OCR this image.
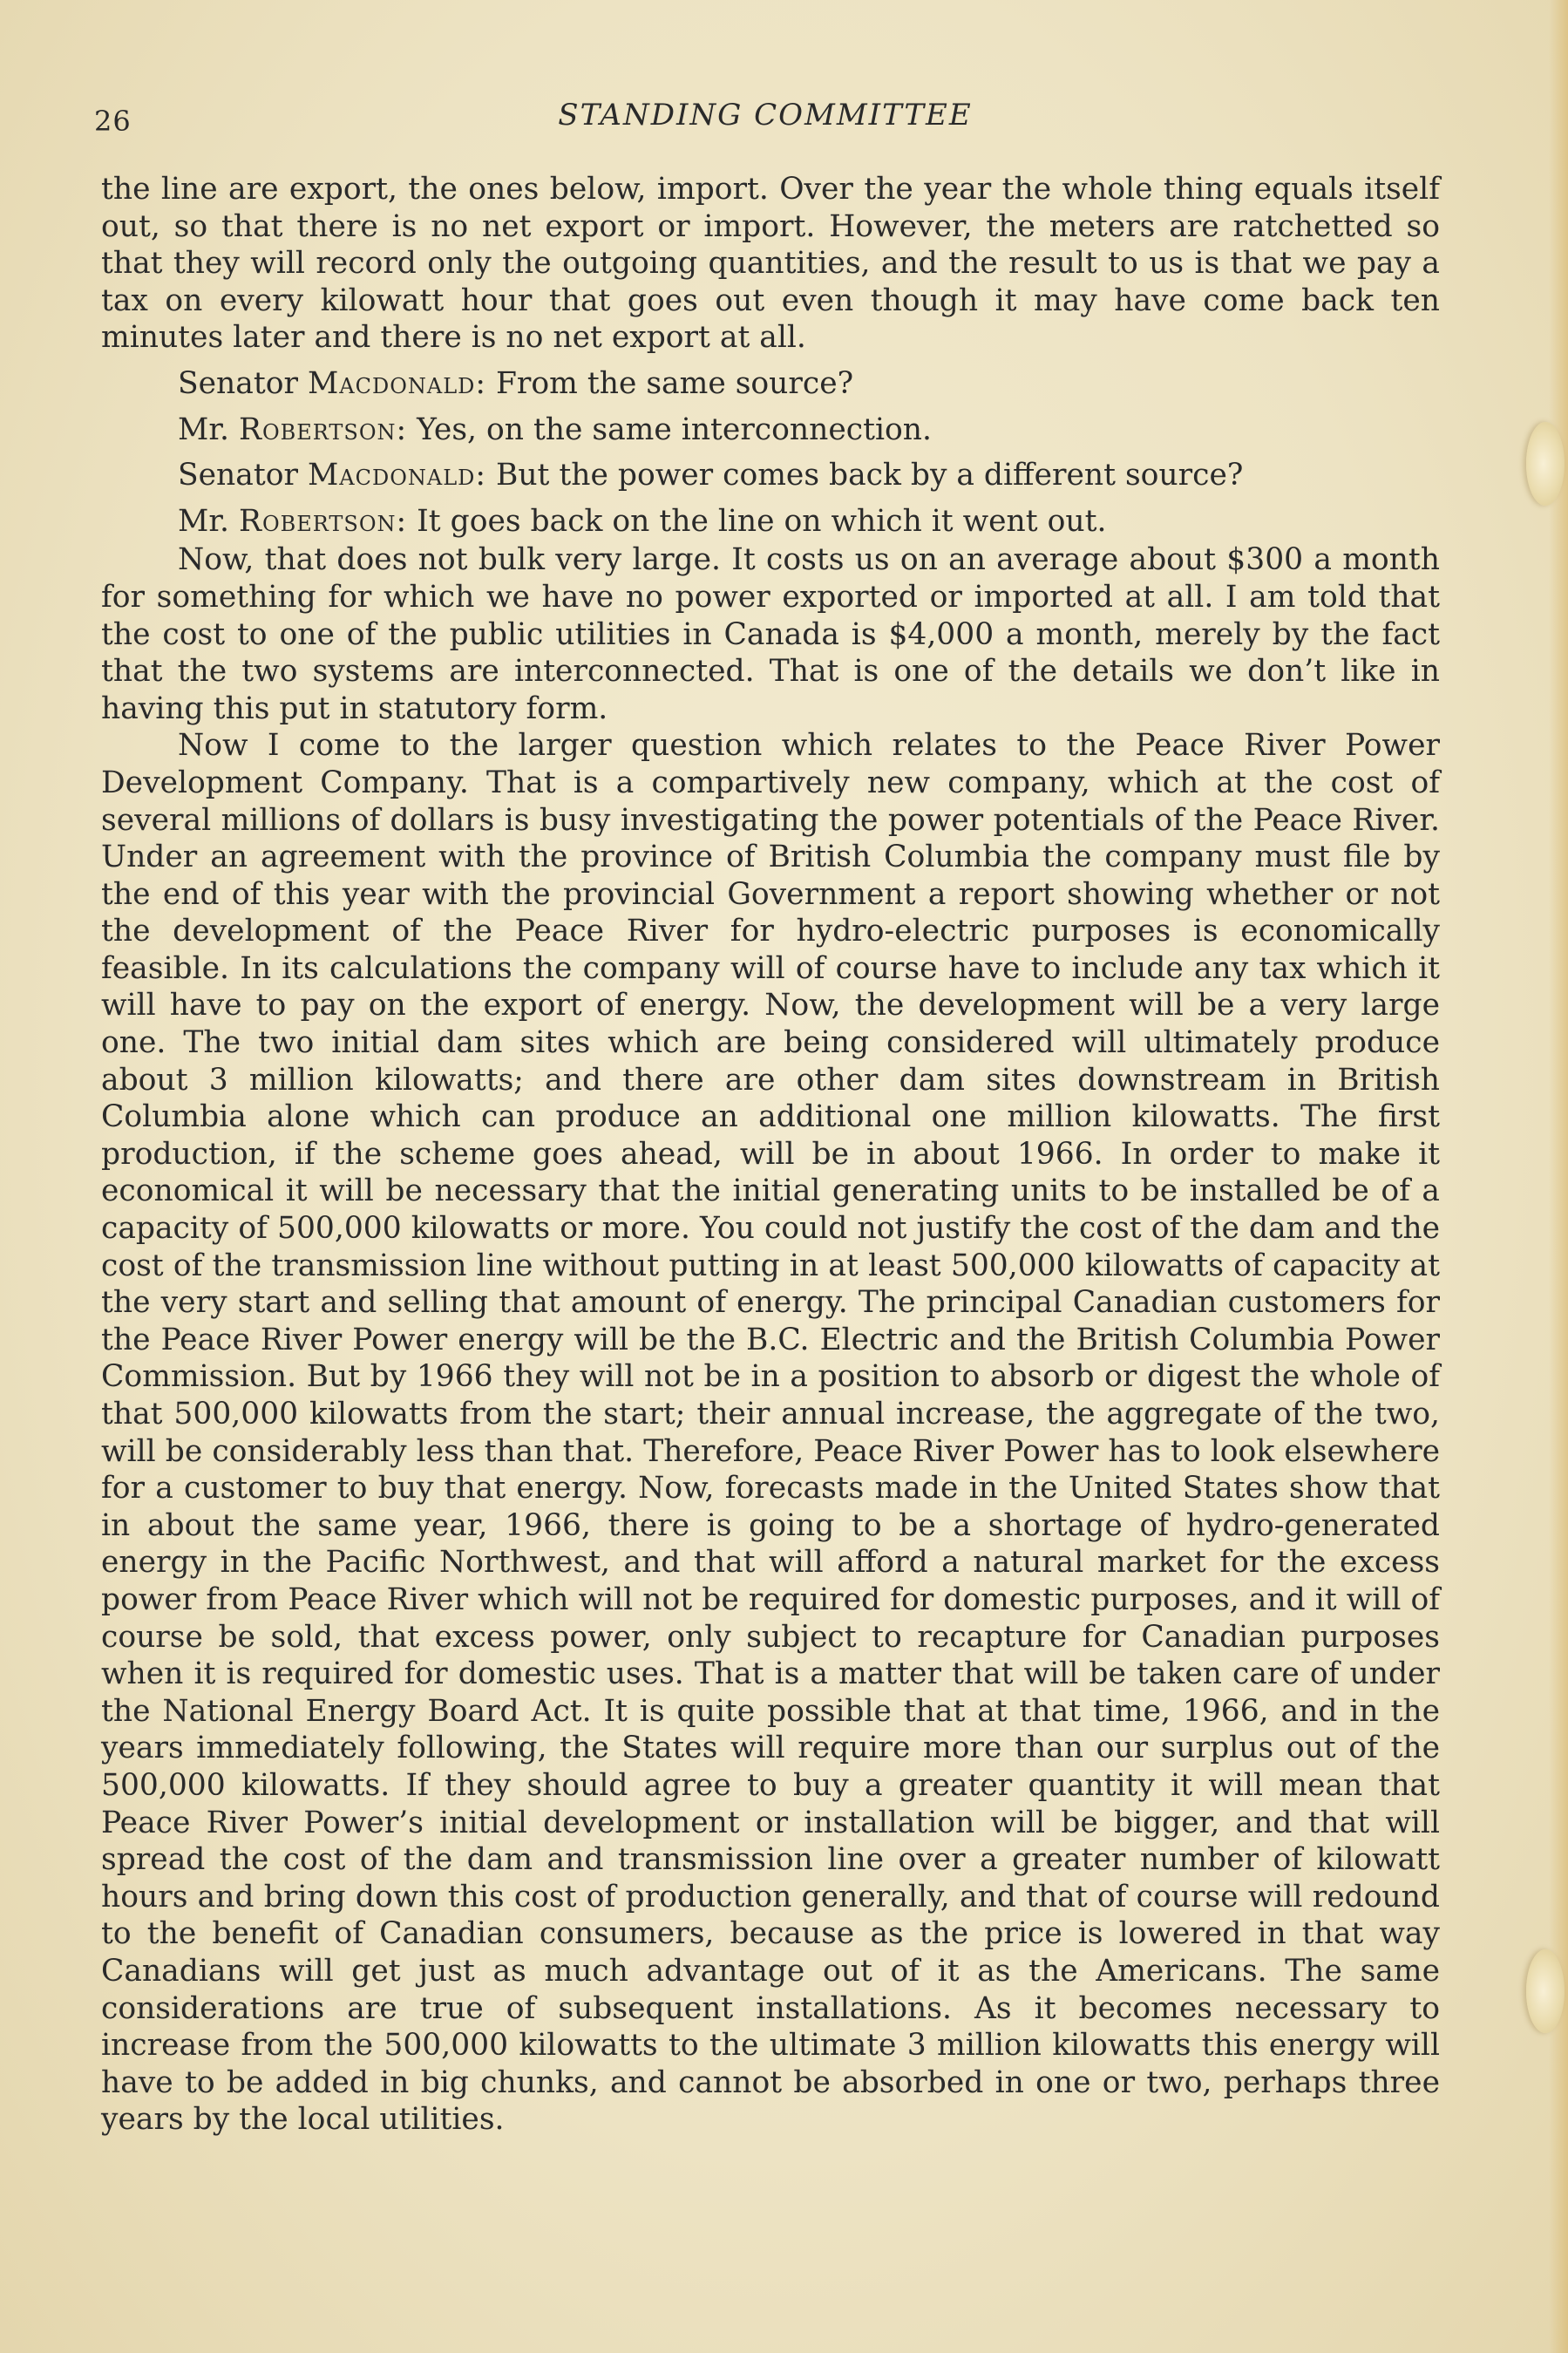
26	STANDING COMMITTEE

the line are export, the ones below, import. Over the year the whole thing equals itself out, so that there is no net export or import. However, the meters are ratchetted so that they will record only the outgoing quantities, and the result to us is that we pay a tax on every kilowatt hour that goes out even though it may have come back ten minutes later and there is no net export at all.

Senator Macdonald: From the same source?

Mr. Robertson: Yes, on the same interconnection.

Senator Macdonald: But the power comes back by a different source?

Mr. Robertson: It goes back on the line on which it went out.

Now, that does not bulk very large. It costs us on an average about $300 a month for something for which we have no power exported or imported at all. I am told that the cost to one of the public utilities in Canada is $4,000 a month, merely by the fact that the two systems are interconnected. That is one of the details we don’t like in having this put in statutory form.

Now I come to the larger question which relates to the Peace River Power Development Company. That is a compartively new company, which at the cost of several millions of dollars is busy investigating the power potentials of the Peace River. Under an agreement with the province of British Columbia the company must file by the end of this year with the provincial Government a report showing whether or not the development of the Peace River for hydro-electric purposes is economically feasible. In its calculations the company will of course have to include any tax which it will have to pay on the export of energy. Now, the development will be a very large one. The two initial dam sites which are being considered will ultimately produce about 3 million kilowatts; and there are other dam sites downstream in British Columbia alone which can produce an additional one million kilowatts. The first production, if the scheme goes ahead, will be in about 1966. In order to make it economical it will be necessary that the initial generating units to be installed be of a capacity of 500,000 kilowatts or more. You could not justify the cost of the dam and the cost of the transmission line without putting in at least 500,000 kilowatts of capacity at the very start and selling that amount of energy. The principal Canadian customers for the Peace River Power energy will be the B.C. Electric and the British Columbia Power Commission. But by 1966 they will not be in a position to absorb or digest the whole of that 500,000 kilowatts from the start; their annual increase, the aggregate of the two, will be considerably less than that. Therefore, Peace River Power has to look elsewhere for a customer to buy that energy. Now, forecasts made in the United States show that in about the same year, 1966, there is going to be a shortage of hydro-generated energy in the Pacific Northwest, and that will afford a natural market for the excess power from Peace River which will not be required for domestic purposes, and it will of course be sold, that excess power, only subject to recapture for Canadian purposes when it is required for domestic uses. That is a matter that will be taken care of under the National Energy Board Act. It is quite possible that at that time, 1966, and in the years immediately following, the States will require more than our surplus out of the 500,000 kilowatts. If they should agree to buy a greater quantity it will mean that Peace River Power’s initial development or installation will be bigger, and that will spread the cost of the dam and transmission line over a greater number of kilowatt hours and bring down this cost of production generally, and that of course will redound to the benefit of Canadian consumers, because as the price is lowered in that way Canadians will get just as much advantage out of it as the Americans. The same considerations are true of subsequent installations. As it becomes necessary to increase from the 500,000 kilowatts to the ultimate 3 million kilowatts this energy will have to be added in big chunks, and cannot be absorbed in one or two, perhaps three years by the local utilities.
